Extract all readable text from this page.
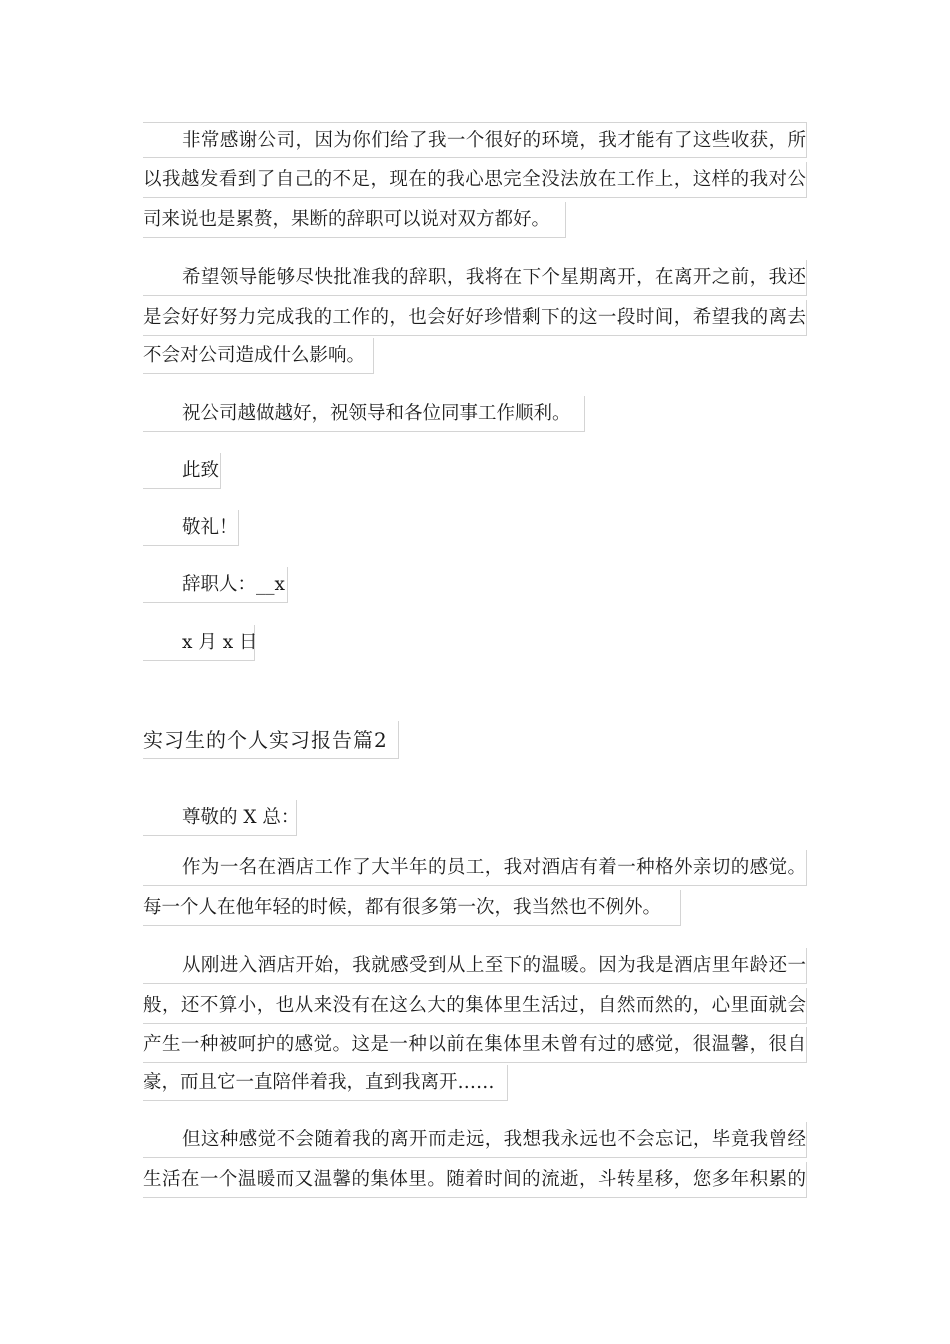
非常感谢公司，因为你们给了我一个很好的环境，我才能有了这些收获，所
以我越发看到了自己的不足，现在的我心思完全没法放在工作上，这样的我对公
司来说也是累赘，果断的辞职可以说对双方都好。
希望领导能够尽快批准我的辞职，我将在下个星期离开，在离开之前，我还
是会好好努力完成我的工作的，也会好好珍惜剩下的这一段时间，希望我的离去
不会对公司造成什么影响。
祝公司越做越好，祝领导和各位同事工作顺利。
此致
敬礼！
辞职人：__x
x 月 x 日
实习生的个人实习报告篇2
尊敬的 X 总：
作为一名在酒店工作了大半年的员工，我对酒店有着一种格外亲切的感觉。
每一个人在他年轻的时候，都有很多第一次，我当然也不例外。
从刚进入酒店开始，我就感受到从上至下的温暖。因为我是酒店里年龄还一
般，还不算小，也从来没有在这么大的集体里生活过，自然而然的，心里面就会
产生一种被呵护的感觉。这是一种以前在集体里未曾有过的感觉，很温馨，很自
豪，而且它一直陪伴着我，直到我离开……
但这种感觉不会随着我的离开而走远，我想我永远也不会忘记，毕竟我曾经
生活在一个温暖而又温馨的集体里。随着时间的流逝，斗转星移，您多年积累的
